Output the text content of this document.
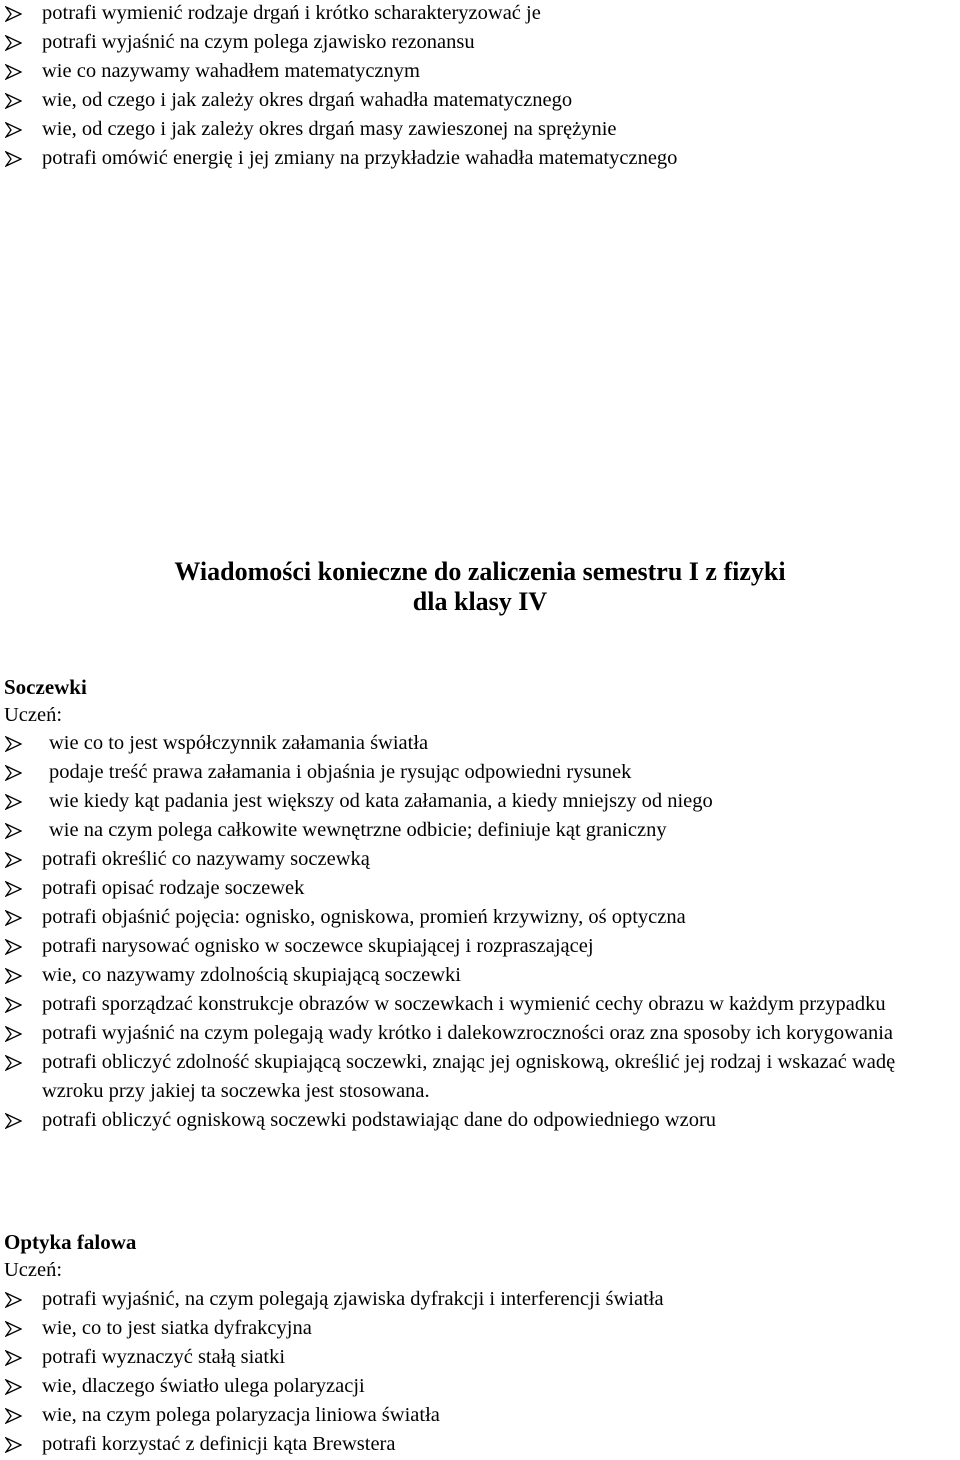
potrafi wymienić rodzaje drgań i krótko scharakteryzować je
potrafi wyjaśnić na czym polega zjawisko rezonansu
wie co nazywamy wahadłem matematycznym
wie, od czego i jak zależy okres drgań wahadła matematycznego
wie, od czego i jak zależy okres drgań masy zawieszonej na sprężynie
potrafi omówić energię i jej zmiany na przykładzie wahadła matematycznego
Wiadomości konieczne do zaliczenia semestru I z fizyki
dla klasy IV
Soczewki
Uczeń:
wie co to jest współczynnik załamania światła
podaje treść prawa załamania i objaśnia je rysując odpowiedni rysunek
wie kiedy kąt padania jest większy od kata załamania, a kiedy mniejszy od niego
wie na czym polega całkowite wewnętrzne odbicie; definiuje kąt graniczny
potrafi określić co nazywamy soczewką
potrafi opisać rodzaje soczewek
potrafi objaśnić pojęcia: ognisko, ogniskowa, promień krzywizny, oś optyczna
potrafi narysować ognisko w soczewce skupiającej i rozpraszającej
wie, co nazywamy zdolnością skupiającą soczewki
potrafi sporządzać konstrukcje obrazów w soczewkach i wymienić cechy obrazu w każdym przypadku
potrafi wyjaśnić na czym polegają wady krótko i dalekowzroczności oraz zna sposoby ich korygowania
potrafi obliczyć zdolność skupiającą soczewki, znając jej ogniskową, określić jej rodzaj i wskazać wadę wzroku przy jakiej ta soczewka jest stosowana.
potrafi obliczyć ogniskową soczewki podstawiając dane do odpowiedniego wzoru
Optyka falowa
Uczeń:
potrafi wyjaśnić, na czym polegają zjawiska dyfrakcji i interferencji światła
wie, co to jest siatka dyfrakcyjna
potrafi wyznaczyć stałą siatki
wie, dlaczego światło ulega polaryzacji
wie, na czym polega polaryzacja liniowa światła
potrafi korzystać z definicji kąta Brewstera
